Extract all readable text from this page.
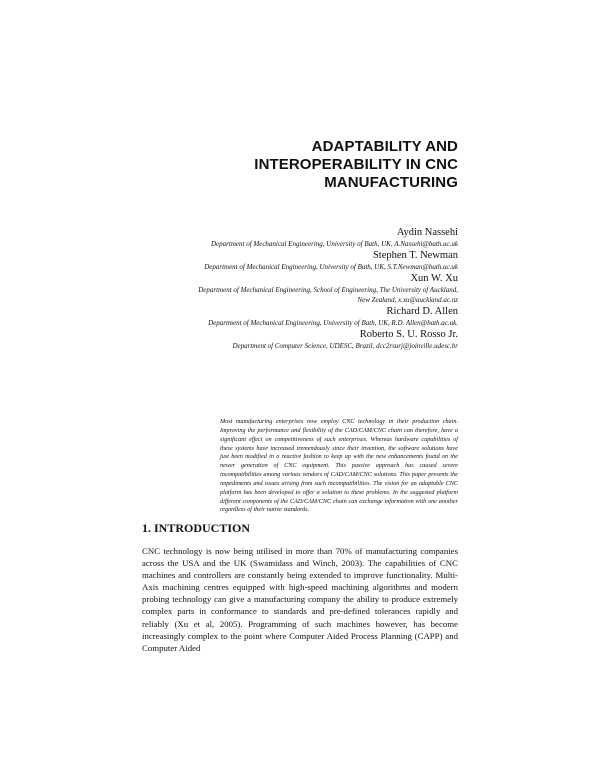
ADAPTABILITY AND
INTEROPERABILITY IN CNC
MANUFACTURING
Aydin Nassehi
Department of Mechanical Engineering, University of Bath, UK, A.Nassehi@bath.ac.uk
Stephen T. Newman
Department of Mechanical Engineering, University of Bath, UK, S.T.Newman@bath.ac.uk
Xun W. Xu
Department of Mechanical Engineering, School of Engineering, The University of Auckland,
New Zealand, x.xu@auckland.ac.nz
Richard D. Allen
Department of Mechanical Engineering, University of Bath, UK, R.D. Allen@bath.ac.uk.
Roberto S. U. Rosso Jr.
Department of Computer Science, UDESC, Brazil, dcc2rsurj@joinville.udesc.br
Most manufacturing enterprises now employ CNC technology in their production chain. Improving the performance and flexibility of the CAD/CAM/CNC chain can therefore, have a significant effect on competitiveness of such enterprises. Whereas hardware capabilities of these systems have increased tremendously since their invention, the software solutions have just been modified in a reactive fashion to keep up with the new enhancements found on the newer generation of CNC equipment. This passive approach has caused severe incompatibilities among various vendors of CAD/CAM/CNC solutions. This paper presents the impediments and issues arising from such incompatibilities. The vision for an adaptable CNC platform has been developed to offer a solution to these problems. In the suggested platform different components of the CAD/CAM/CNC chain can exchange information with one another regardless of their native standards.
1. INTRODUCTION
CNC technology is now being utilised in more than 70% of manufacturing companies across the USA and the UK (Swamidass and Winch, 2003). The capabilities of CNC machines and controllers are constantly being extended to improve functionality. Multi-Axis machining centres equipped with high-speed machining algorithms and modern probing technology can give a manufacturing company the ability to produce extremely complex parts in conformance to standards and pre-defined tolerances rapidly and reliably (Xu et al, 2005). Programming of such machines however, has become increasingly complex to the point where Computer Aided Process Planning (CAPP) and Computer Aided
